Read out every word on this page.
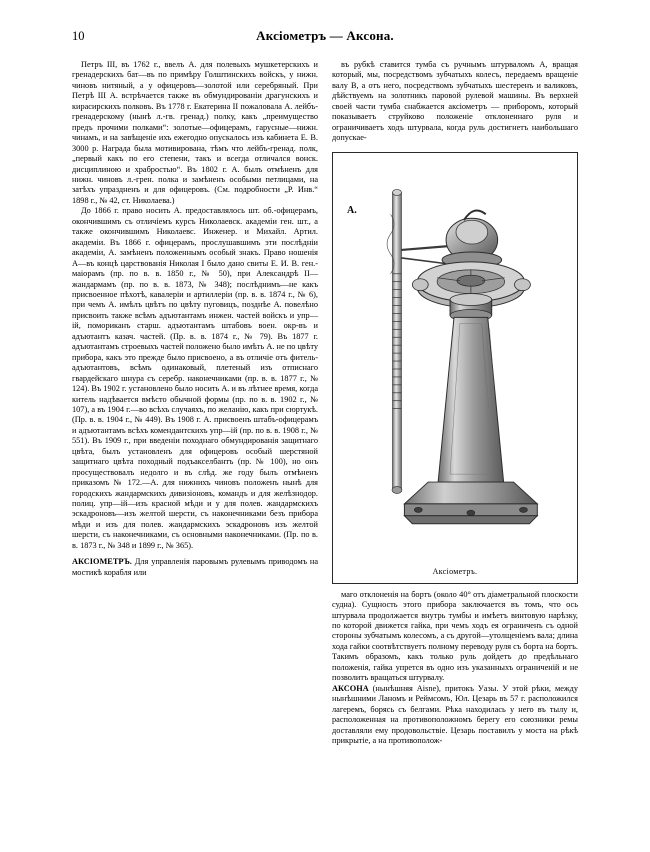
10	Аксіометръ — Аксона.

Петръ III, въ 1762 г., ввелъ А. для полевыхъ мушкетерскихъ и гренадерскихъ бат—въ по примѣру Голштинскихъ войскъ, у нижн. чиновъ нитяный, а у офицеровъ—золотой или серебряный. При Петрѣ III А. встрѣчается также въ обмундированіи драгунскихъ и кирасирскихъ полковъ. Въ 1778 г. Екатерина II пожаловала А. лейбъ-гренадерскому (нынѣ л.-гв. гренад.) полку, какъ „преимущество предъ прочими полками“: золотые—офицерамъ, гарусные—нижн. чинамъ, и на завѣщеніе ихъ ежегодно опускалось изъ кабинета Е. В. 3000 р. Награда была мотивирована, тѣмъ что лейбъ-гренад. полк, „первый какъ по его степени, такъ и всегда отличался вонск. дисциплиною и храбростью“. Въ 1802 г. А. былъ отмѣненъ для нижн. чиновъ л.-грен. полка и замѣненъ особыми петлицами, на затѣхъ упраздненъ и для офицеровъ. (См. подробности „Р. Инв.“ 1898 г., № 42, ст. Николаева.)

До 1866 г. право носить А. предоставлялось шт. об.-офицерамъ, окончившимъ съ отличіемъ курсъ Николаевск. академіи ген. шт., а также окончившимъ Николаевс. Инженер. и Михайл. Артил. академіи. Въ 1866 г. офицерамъ, прослушавшимъ эти послѣдніи академіи, А. замѣненъ положеннымъ особый знакъ. Право ношенія А—въ концѣ царствованія Николая I было дано свиты Е. И. В. ген.-маіорамъ (пр. по в. в. 1850 г., № 50), при Александрѣ II—жандармамъ (пр. по в. в. 1873, № 348); послѣднимъ—не какъ присвоенное пѣхотѣ, кавалеріи и артиллеріи (пр. в. в. 1874 г., № 6), при чемъ А. имѣлъ цвѣтъ по цвѣту пуговицъ, позднѣе А. повелѣно присвоить также всѣмъ адъютантамъ инжен. частей войскъ и упр—ій, помориканъ старш. адъютантамъ штабовъ воен. окр-въ и адъютантъ казач. частей. (Пр. в. в. 1874 г., № 79). Въ 1877 г. адъютантамъ строевыхъ частей положено было имѣть А. не по цвѣту прибора, какъ это прежде было присвоено, а въ отличіе отъ фитель-адъютантовъ, всѣмъ одинаковый, плетеный изъ отписнаго гвардейскаго шнура съ серебр. наконечниками (пр. в. в. 1877 г., № 124). Въ 1902 г. установлено было носить А. и въ лѣтнее время, когда китель надѣвается вмѣсто обычной формы (пр. по в. в. 1902 г., № 107), а въ 1904 г.—во всѣхъ случаяхъ, по желанію, какъ при сюртукѣ. (Пр. в. в. 1904 г., № 449). Въ 1908 г. А. присвоенъ штабъ-офицерамъ и адъютантамъ всѣхъ комендантскихъ упр—ій (пр. по в. в. 1908 г., № 551). Въ 1909 г., при введеніи походнаго обмундированія защитнаго цвѣта, былъ установленъ для офицеровъ особый шерстяной защитнаго цвѣта походный подъакселбантъ (пр. № 100), но онъ просуществовалъ недолго и въ слѣд. же году былъ отмѣненъ приказомъ № 172.—А. для нижнихъ чиновъ положенъ нынѣ для городскихъ жандармскихъ дивизіоновъ, командъ и для желѣзнодор. полиц. упр—ій—изъ красной мѣди и у для полев. жандармскихъ эскадроновъ—изъ желтой шерсти, съ наконечниками безъ прибора мѣди и изъ для полев. жандармскихъ эскадроновъ изъ желтой шерсти, съ наконечниками, съ основными наконечниками. (Пр. по в. в. 1873 г., № 348 и 1899 г., № 365).

АКСІОМЕТРЪ. Для управленія паровымъ рулевымъ приводомъ на мостикѣ корабля или

въ рубкѣ ставится тумба съ ручнымъ штурваломъ А, вращая который, мы, посредствомъ зубчатыхъ колесъ, передаемъ вращеніе валу B, а отъ него, посредствомъ зубчатыхъ шестеренъ и валиковъ, дѣйствуемъ на золотникъ паровой рулевой машины. Въ верхней своей части тумба снабжается аксіометръ — приборомъ, который показываетъ струйково положеніе отклоненнаго руля и ограничиваетъ ходъ штурвала, когда руль достигнетъ наибольшаго допускае-

A.
Аксіометръ.

маго отклоненія на бортъ (около 40° отъ діаметральной плоскости судна). Сущность этого прибора заключается въ томъ, что ось штурвала продолжается внутрь тумбы и имѣетъ винтовую нарѣзку, по которой движется гайка, при чемъ ходъ ея ограниченъ съ одной стороны зубчатымъ колесомъ, а съ другой—утолщеніемъ вала; длина хода гайки соотвѣтствуетъ полному переводу руля съ борта на бортъ. Такимъ образомъ, какъ только руль дойдетъ до предѣльнаго положенія, гайка упрется въ одно изъ указанныхъ ограниченій и не позволитъ вращаться штурвалу.

АКСОНА (нынѣшняя Aisne), притокъ Уазы. У этой рѣки, между нынѣшними Ланомъ и Реймсомъ, Юл. Цезарь въ 57 г. расположился лагеремъ, борясь съ белгами. Рѣка находилась у него въ тылу и, расположенная на противоположномъ берегу его союзники ремы доставляли ему продовольствіе. Цезарь поставилъ у моста на рѣкѣ прикрытіе, а на противополож-
